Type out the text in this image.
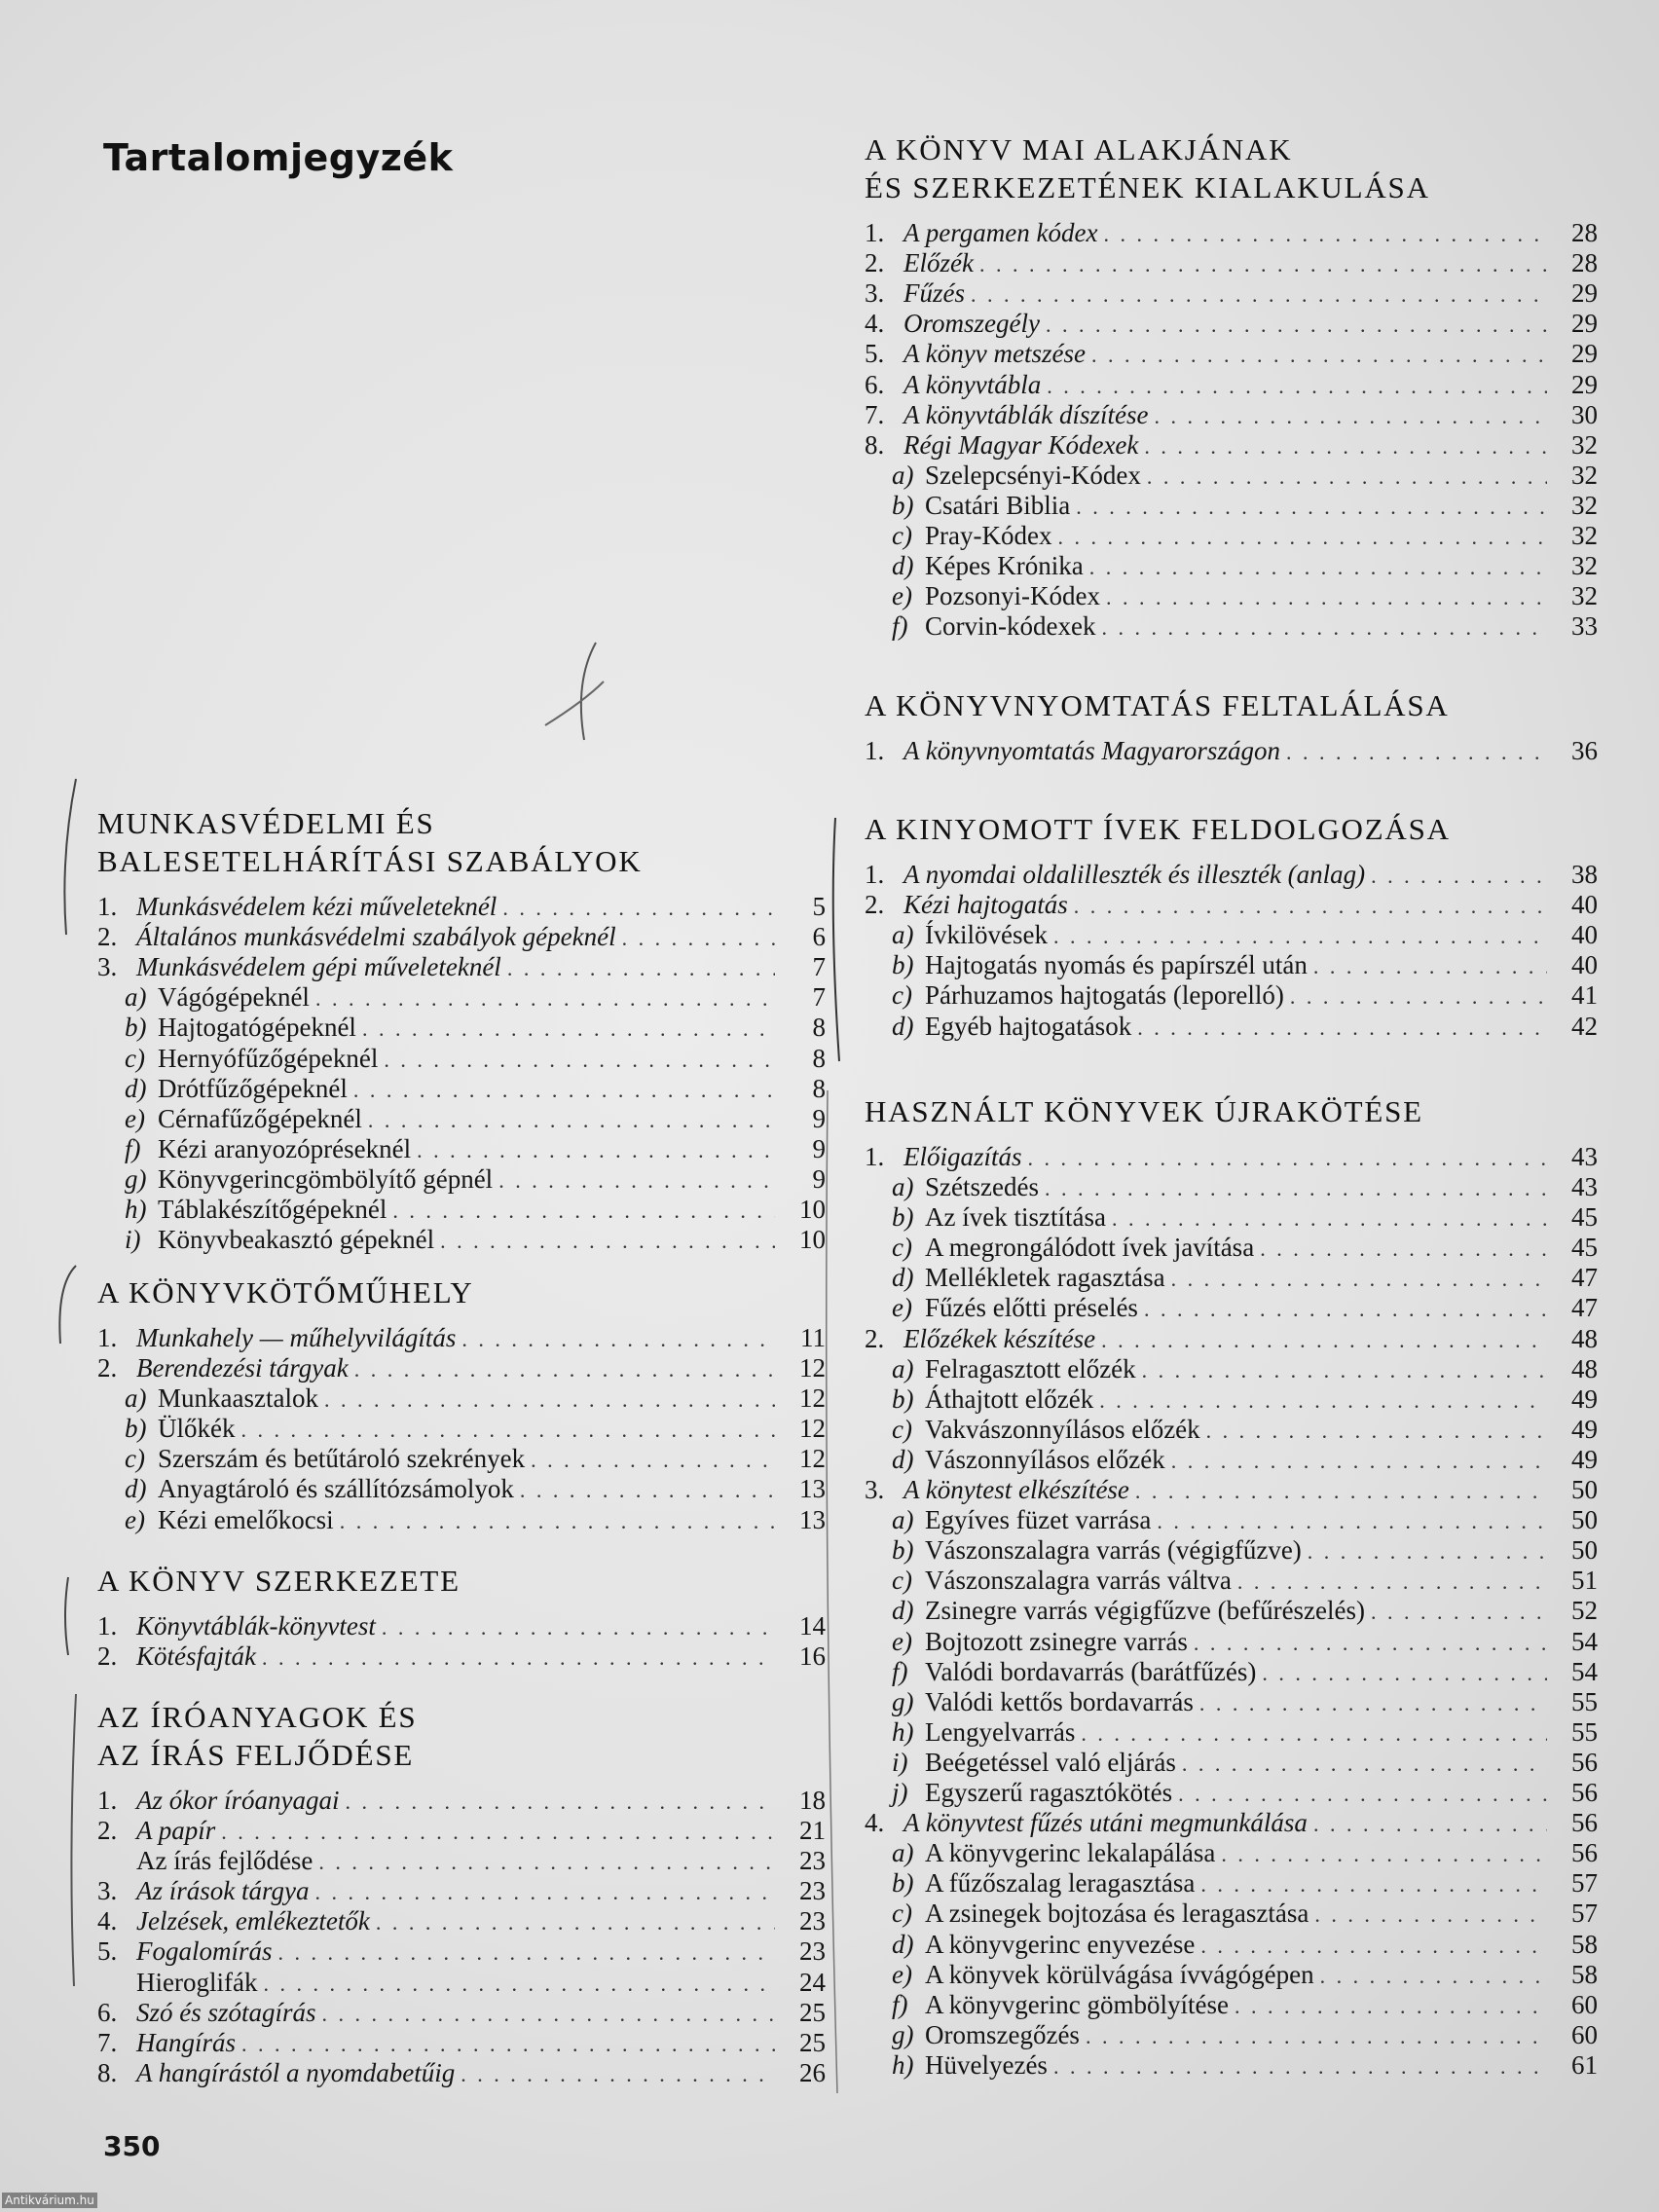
Tartalomjegyzék
MUNKASVÉDELMI ÉS
BALESETELHÁRÍTÁSI SZABÁLYOK
1. Munkásvédelem kézi műveleteknél . . .	5
2. Általános munkásvédelmi szabályok gépeknél . . .	6
3. Munkásvédelem gépi műveleteknél . . .	7
a) Vágógépeknél . . .	7
b) Hajtogatógépeknél . . .	8
c) Hernyófűzőgépeknél . . .	8
d) Drótfűzőgépeknél . . .	8
e) Cérnafűzőgépeknél . . .	9
f) Kézi aranyozópréseknél . . .	9
g) Könyvgerincgömbölyítő gépnél . . .	9
h) Táblakészítőgépeknél . . .	10
i) Könyvbeakasztó gépeknél . . .	10
A KÖNYVKÖTŐMŰHELY
1. Munkahely — műhelyvilágítás . . .	11
2. Berendezési tárgyak . . .	12
a) Munkaasztalok . . .	12
b) Ülőkék . . .	12
c) Szerszám és betűtároló szekrények . . .	12
d) Anyagtároló és szállítózsámolyok . . .	13
e) Kézi emelőkocsi . . .	13
A KÖNYV SZERKEZETE
1. Könyvtáblák-könyvtest . . .	14
2. Kötésfajták . . .	16
AZ ÍRÓANYAGOK ÉS
AZ ÍRÁS FELJŐDÉSE
1. Az ókor íróanyagai . . .	18
2. A papír . . .	21
Az írás fejlődése . . .	23
3. Az írások tárgya . . .	23
4. Jelzések, emlékeztetők . . .	23
5. Fogalomírás . . .	23
Hieroglifák . . .	24
6. Szó és szótagírás . . .	25
7. Hangírás . . .	25
8. A hangírástól a nyomdabetűig . . .	26
A KÖNYV MAI ALAKJÁNAK
ÉS SZERKEZETÉNEK KIALAKULÁSA
1. A pergamen kódex . . .	28
2. Előzék . . .	28
3. Fűzés . . .	29
4. Oromszegély . . .	29
5. A könyv metszése . . .	29
6. A könyvtábla . . .	29
7. A könyvtáblák díszítése . . .	30
8. Régi Magyar Kódexek . . .	32
a) Szelepcsényi-Kódex . . .	32
b) Csatári Biblia . . .	32
c) Pray-Kódex . . .	32
d) Képes Krónika . . .	32
e) Pozsonyi-Kódex . . .	32
f) Corvin-kódexek . . .	33
A KÖNYVNYOMTATÁS FELTALÁLÁSA
1. A könyvnyomtatás Magyarországon . . .	36
A KINYOMOTT ÍVEK FELDOLGOZÁSA
1. A nyomdai oldalilleszték és illeszték (anlag) . . .	38
2. Kézi hajtogatás . . .	40
a) Ívkilövések . . .	40
b) Hajtogatás nyomás és papírszél után . . .	40
c) Párhuzamos hajtogatás (leporelló) . . .	41
d) Egyéb hajtogatások . . .	42
HASZNÁLT KÖNYVEK ÚJRAKÖTÉSE
1. Előigazítás . . .	43
a) Szétszedés . . .	43
b) Az ívek tisztítása . . .	45
c) A megrongálódott ívek javítása . . .	45
d) Mellékletek ragasztása . . .	47
e) Fűzés előtti préselés . . .	47
2. Előzékek készítése . . .	48
a) Felragasztott előzék . . .	48
b) Áthajtott előzék . . .	49
c) Vakvászonnyílásos előzék . . .	49
d) Vászonnyílásos előzék . . .	49
3. A könytest elkészítése . . .	50
a) Egyíves füzet varrása . . .	50
b) Vászonszalagra varrás (végigfűzve) . . .	50
c) Vászonszalagra varrás váltva . . .	51
d) Zsinegre varrás végigfűzve (befűrészelés) . . .	52
e) Bojtozott zsinegre varrás . . .	54
f) Valódi bordavarrás (barátfűzés) . . .	54
g) Valódi kettős bordavarrás . . .	55
h) Lengyelvarrás . . .	55
i) Beégetéssel való eljárás . . .	56
j) Egyszerű ragasztókötés . . .	56
4. A könyvtest fűzés utáni megmunkálása . . .	56
a) A könyvgerinc lekalapálása . . .	56
b) A fűzőszalag leragasztása . . .	57
c) A zsinegek bojtozása és leragasztása . . .	57
d) A könyvgerinc enyvezése . . .	58
e) A könyvek körülvágása ívvágógépen . . .	58
f) A könyvgerinc gömbölyítése . . .	60
g) Oromszegőzés . . .	60
h) Hüvelyezés . . .	61
350
Antikvárium.hu
